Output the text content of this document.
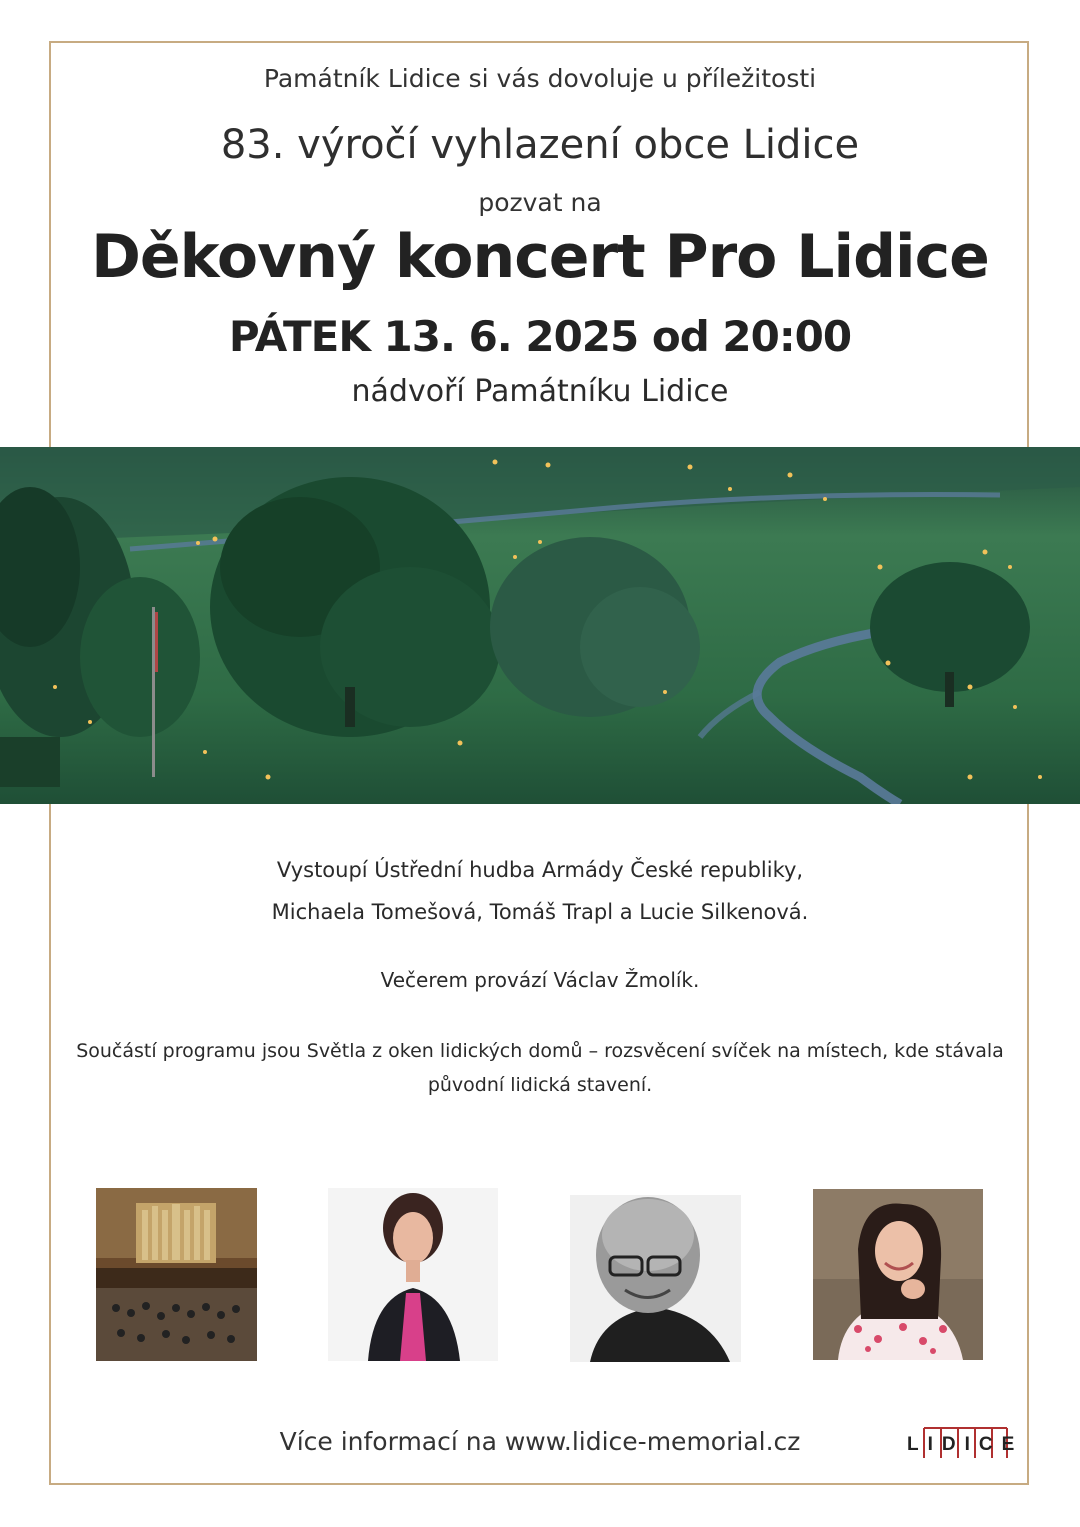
Památník Lidice si vás dovoluje u příležitosti
83. výročí vyhlazení obce Lidice
pozvat na
Děkovný koncert Pro Lidice
PÁTEK 13. 6. 2025 od 20:00
nádvoří Památníku Lidice
Vystoupí Ústřední hudba Armády České republiky,
Michaela Tomešová, Tomáš Trapl a Lucie Silkenová.
Večerem provází Václav Žmolík.
Součástí programu jsou Světla z oken lidických domů – rozsvěcení svíček na místech, kde stávala
původní lidická stavení.
Více informací na www.lidice-memorial.cz	LIDICE
